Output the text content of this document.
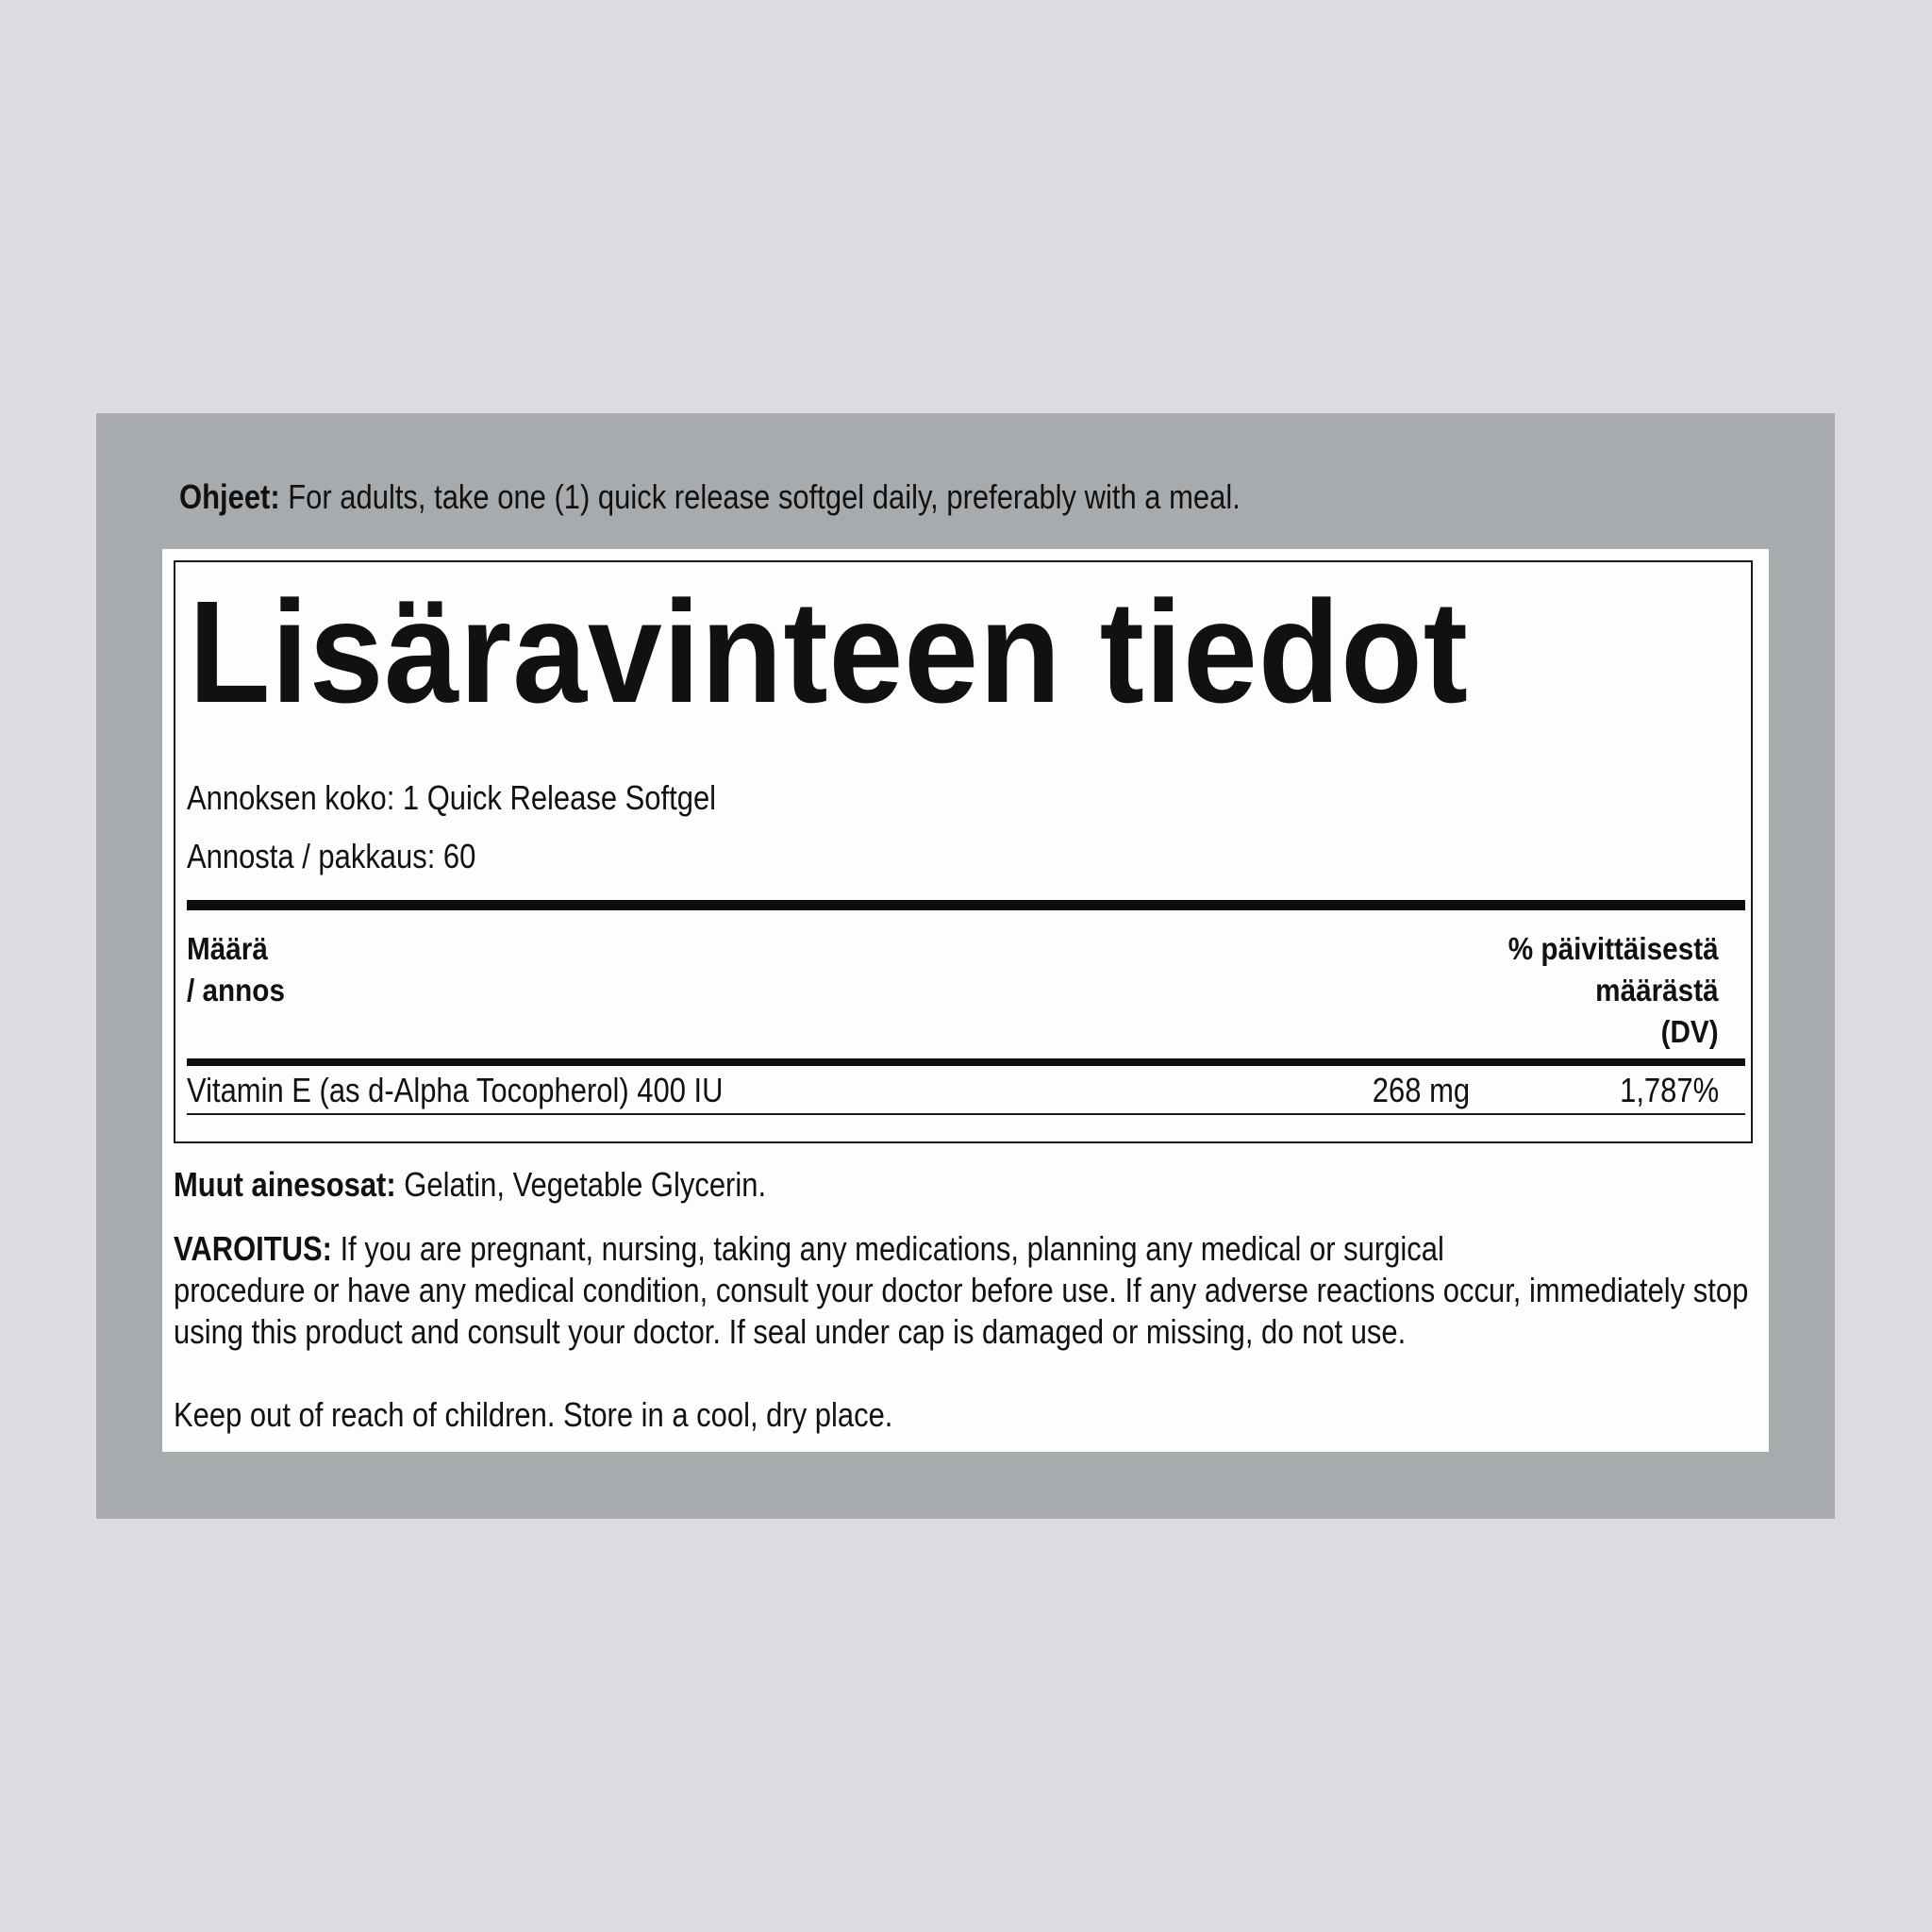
Ohjeet: For adults, take one (1) quick release softgel daily, preferably with a meal.
Lisäravinteen tiedot
Annoksen koko: 1 Quick Release Softgel
Annosta / pakkaus: 60
Määrä
/ annos
% päivittäisestä
määrästä
(DV)
Vitamin E (as d-Alpha Tocopherol) 400 IU	268 mg	1,787%
Muut ainesosat: Gelatin, Vegetable Glycerin.
VAROITUS: If you are pregnant, nursing, taking any medications, planning any medical or surgical
procedure or have any medical condition, consult your doctor before use. If any adverse reactions occur, immediately stop
using this product and consult your doctor. If seal under cap is damaged or missing, do not use.
Keep out of reach of children. Store in a cool, dry place.
